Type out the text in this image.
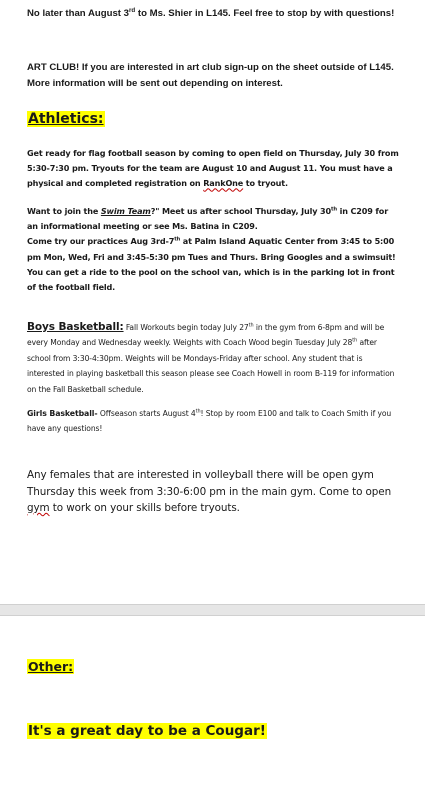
No later than August 3rd to Ms. Shier in L145. Feel free to stop by with questions!

ART CLUB! If you are interested in art club sign-up on the sheet outside of L145. More information will be sent out depending on interest.

Athletics:

Get ready for flag football season by coming to open field on Thursday, July 30 from 5:30-7:30 pm. Tryouts for the team are August 10 and August 11. You must have a physical and completed registration on RankOne to tryout.

Want to join the Swim Team?" Meet us after school Thursday, July 30th in C209 for an informational meeting or see Ms. Batina in C209.
Come try our practices Aug 3rd-7th at Palm Island Aquatic Center from 3:45 to 5:00 pm Mon, Wed, Fri and 3:45-5:30 pm Tues and Thurs. Bring Googles and a swimsuit! You can get a ride to the pool on the school van, which is in the parking lot in front of the football field.

Boys Basketball: Fall Workouts begin today July 27th in the gym from 6-8pm and will be every Monday and Wednesday weekly. Weights with Coach Wood begin Tuesday July 28th after school from 3:30-4:30pm. Weights will be Mondays-Friday after school. Any student that is interested in playing basketball this season please see Coach Howell in room B-119 for information on the Fall Basketball schedule.

Girls Basketball- Offseason starts August 4th! Stop by room E100 and talk to Coach Smith if you have any questions!

Any females that are interested in volleyball there will be open gym Thursday this week from 3:30-6:00 pm in the main gym. Come to open gym to work on your skills before tryouts.

Other:

It's a great day to be a Cougar!
